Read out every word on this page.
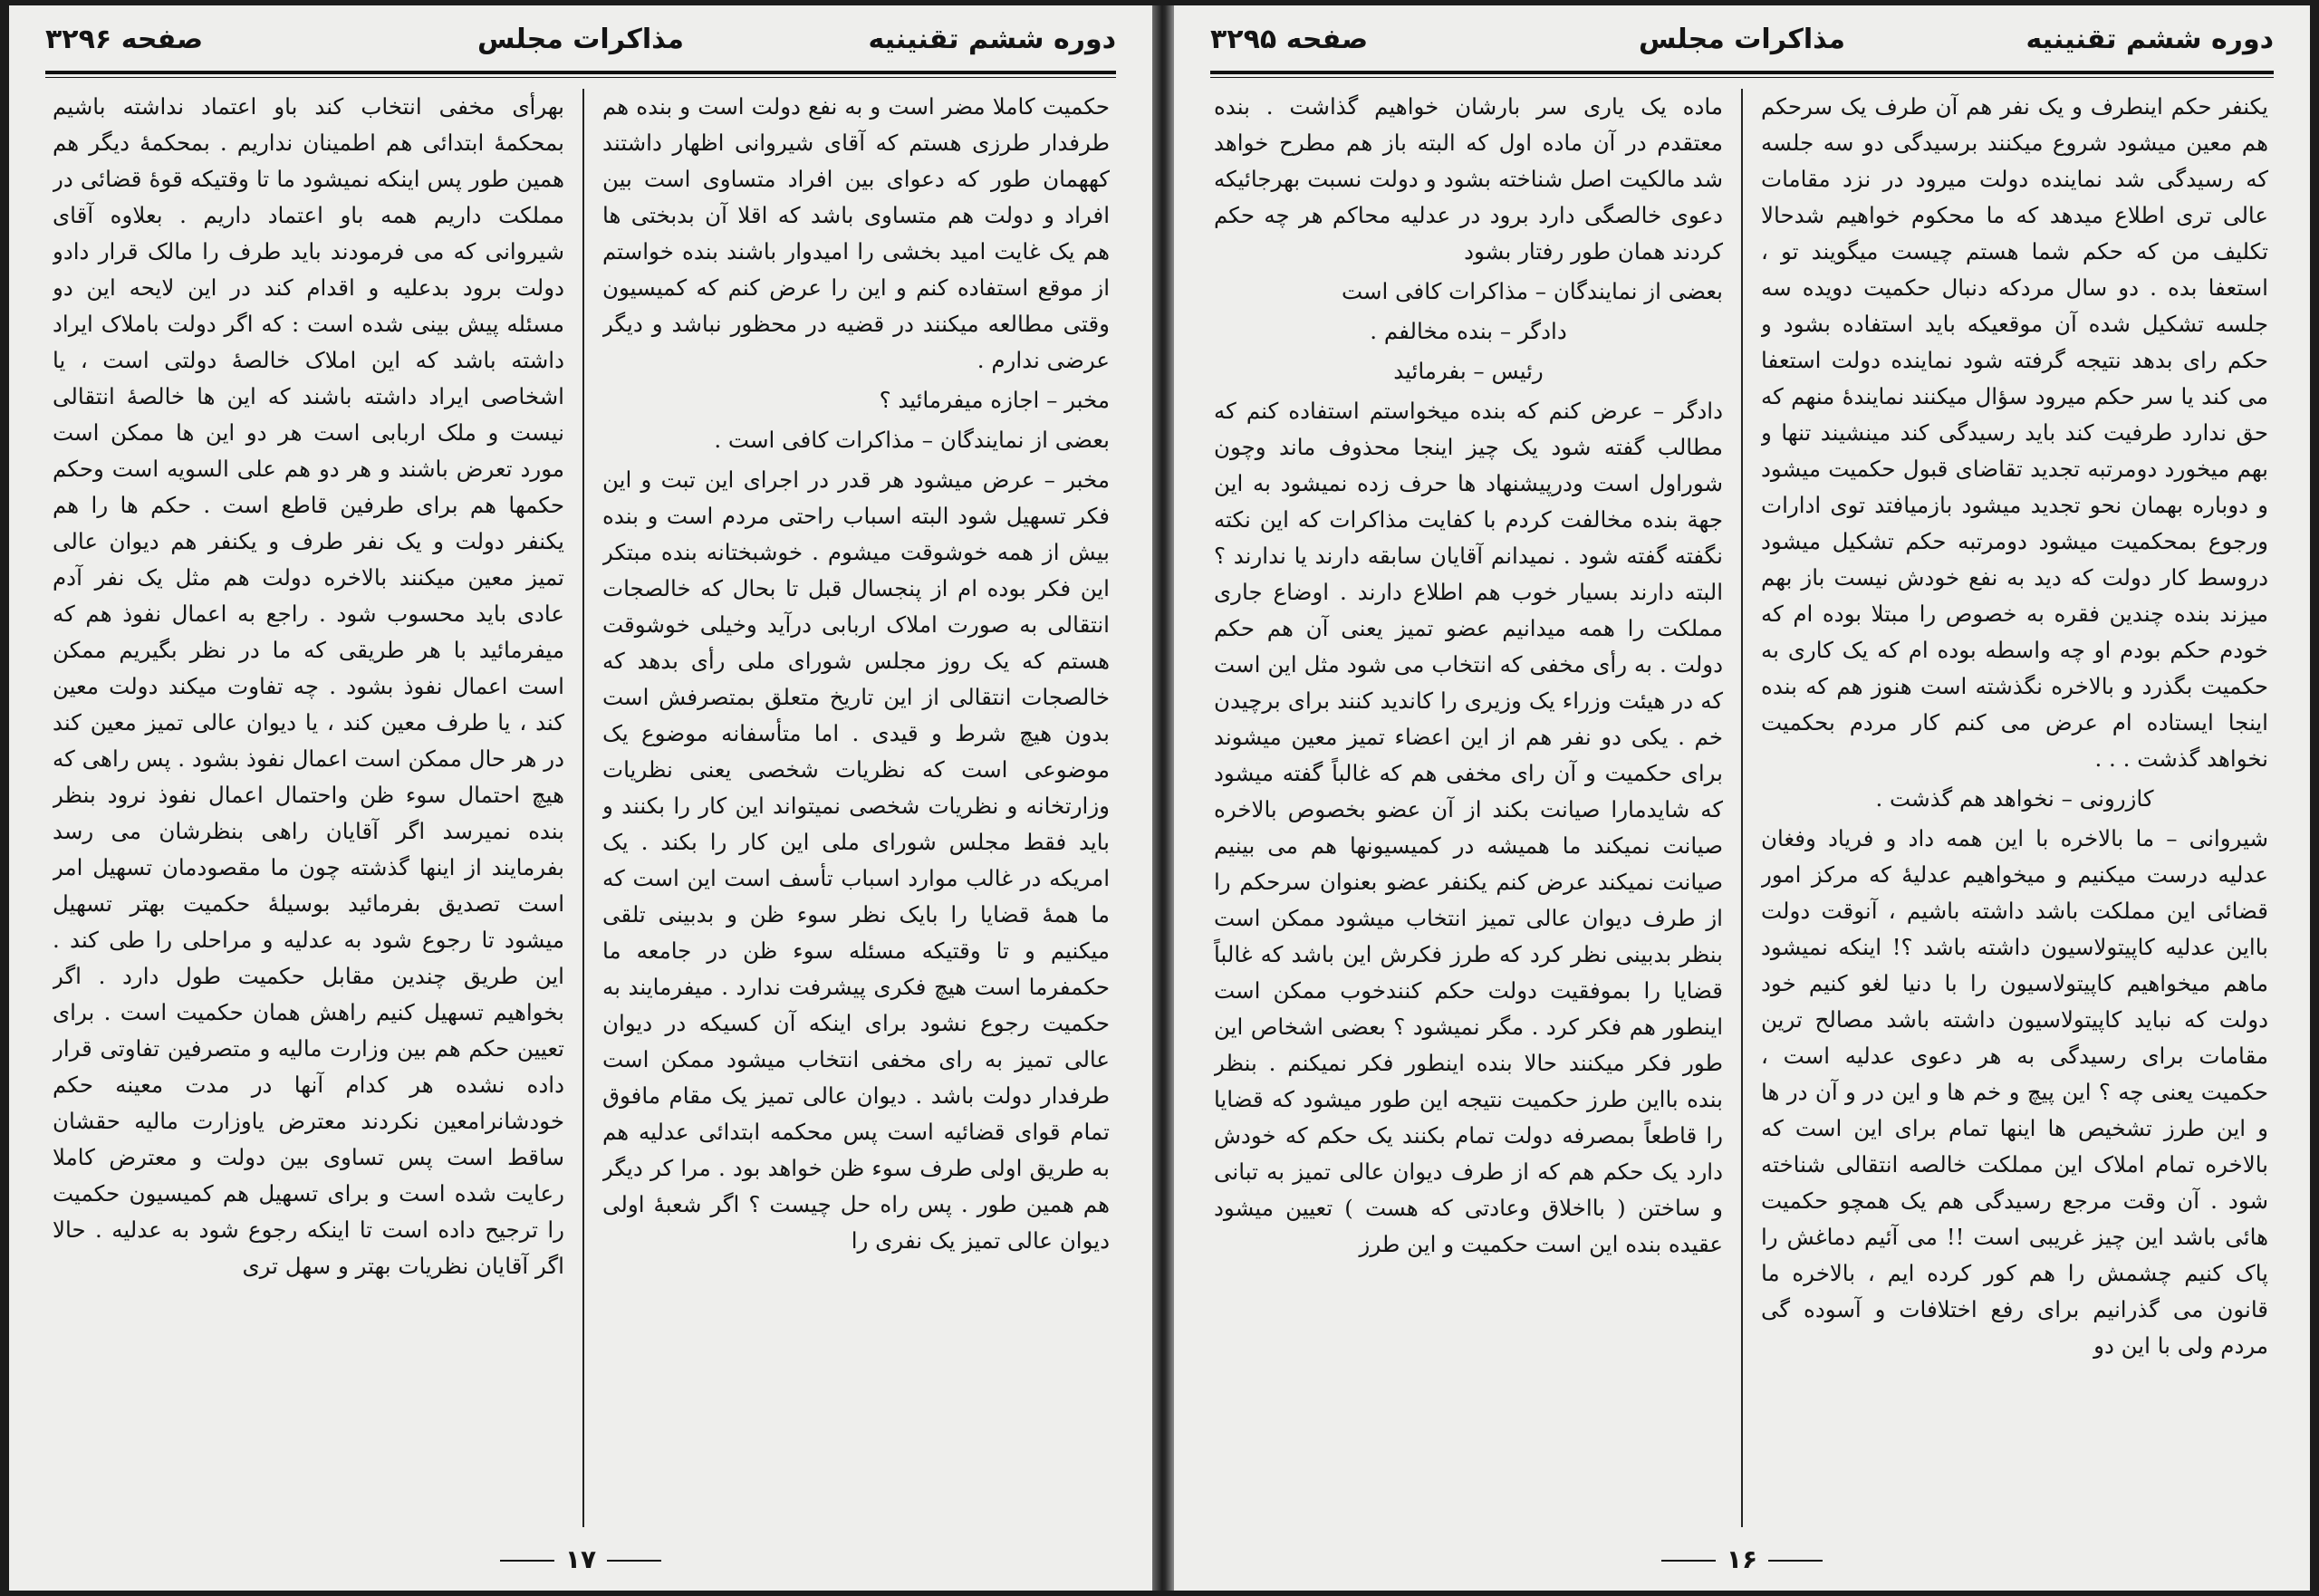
دوره ششم تقنینیه
مذاکرات مجلس
صفحه ۳۲۹۶

حکمیت کاملا مضر است و به نفع دولت است و بنده هم طرفدار طرزی هستم که آقای شیروانی اظهار داشتند کههمان طور که دعوای بین افراد متساوی است بین افراد و دولت هم متساوی باشد که اقلا آن بدبختی ها هم یک غایت امید بخشی را امیدوار باشند بنده خواستم از موقع استفاده کنم و این را عرض کنم که کمیسیون وقتی مطالعه میکنند در قضیه در محظور نباشد و دیگر عرضی ندارم .

مخبر – اجازه میفرمائید ؟

بعضی از نمایندگان – مذاکرات کافی است .

مخبر – عرض میشود هر قدر در اجرای این تبت و این فکر تسهیل شود البته اسباب راحتی مردم است و بنده بیش از همه خوشوقت میشوم . خوشبختانه بنده مبتکر این فکر بوده ام از پنجسال قبل تا بحال که خالصجات انتقالی به صورت املاک اربابی درآید وخیلی خوشوقت هستم که یک روز مجلس شورای ملی رأی بدهد که خالصجات انتقالی از این تاریخ متعلق بمتصرفش است بدون هیچ شرط و قیدی . اما متأسفانه موضوع یک موضوعی است که نظریات شخصی یعنی نظریات وزارتخانه و نظریات شخصی نمیتواند این کار را بکنند و باید فقط مجلس شورای ملی این کار را بکند . یک امریکه در غالب موارد اسباب تأسف است این است که ما همهٔ قضایا را بایک نظر سوء ظن و بدبینی تلقی میکنیم و تا وقتیکه مسئله سوء ظن در جامعه ما حکمفرما است هیچ فکری پیشرفت ندارد . میفرمایند به حکمیت رجوع نشود برای اینکه آن کسیکه در دیوان عالی تمیز به رای مخفی انتخاب میشود ممکن است طرفدار دولت باشد . دیوان عالی تمیز یک مقام مافوق تمام قوای قضائیه است پس محکمه ابتدائی عدلیه هم به طریق اولی طرف سوء ظن خواهد بود . مرا کر دیگر هم همین طور . پس راه حل چیست ؟ اگر شعبهٔ اولی دیوان عالی تمیز یک نفری را

بهرأی مخفی انتخاب کند باو اعتماد نداشته باشیم بمحکمهٔ ابتدائی هم اطمینان نداریم . بمحکمهٔ دیگر هم همین طور پس اینکه نمیشود ما تا وقتیکه قوهٔ قضائی در مملکت داریم همه باو اعتماد داریم . بعلاوه آقای شیروانی که می فرمودند باید طرف را مالک قرار دادو دولت برود بدعلیه و اقدام کند در این لایحه این دو مسئله پیش بینی شده است : که اگر دولت باملاک ایراد داشته باشد که این املاک خالصهٔ دولتی است ، یا اشخاصی ایراد داشته باشند که این ها خالصهٔ انتقالی نیست و ملک اربابی است هر دو این ها ممکن است مورد تعرض باشند و هر دو هم علی السویه است وحکم حکمها هم برای طرفین قاطع است . حکم ها را هم یکنفر دولت و یک نفر طرف و یکنفر هم دیوان عالی تمیز معین میکنند بالاخره دولت هم مثل یک نفر آدم عادی باید محسوب شود . راجع به اعمال نفوذ هم که میفرمائید با هر طریقی که ما در نظر بگیریم ممکن است اعمال نفوذ بشود . چه تفاوت میکند دولت معین کند ، یا طرف معین کند ، یا دیوان عالی تمیز معین کند در هر حال ممکن است اعمال نفوذ بشود . پس راهی که هیچ احتمال سوء ظن واحتمال اعمال نفوذ نرود بنظر بنده نمیرسد اگر آقایان راهی بنظرشان می رسد بفرمایند از اینها گذشته چون ما مقصودمان تسهیل امر است تصدیق بفرمائید بوسیلهٔ حکمیت بهتر تسهیل میشود تا رجوع شود به عدلیه و مراحلی را طی کند . این طریق چندین مقابل حکمیت طول دارد . اگر بخواهیم تسهیل کنیم راهش همان حکمیت است . برای تعیین حکم هم بین وزارت مالیه و متصرفین تفاوتی قرار داده نشده هر کدام آنها در مدت معینه حکم خودشانرامعین نکردند معترض یاوزارت مالیه حقشان ساقط است پس تساوی بین دولت و معترض کاملا رعایت شده است و برای تسهیل هم کمیسیون حکمیت را ترجیح داده است تا اینکه رجوع شود به عدلیه . حالا اگر آقایان نظریات بهتر و سهل تری

۱۷
دوره ششم تقنینیه
مذاکرات مجلس
صفحه ۳۲۹۵

یکنفر حکم اینطرف و یک نفر هم آن طرف یک سرحکم هم معین میشود شروع میکنند برسیدگی دو سه جلسه که رسیدگی شد نماینده دولت میرود در نزد مقامات عالی تری اطلاع میدهد که ما محکوم خواهیم شدحالا تکلیف من که حکم شما هستم چیست میگویند تو ، استعفا بده . دو سال مردکه دنبال حکمیت دویده سه جلسه تشکیل شده آن موقعیکه باید استفاده بشود و حکم رای بدهد نتیجه گرفته شود نماینده دولت استعفا می کند یا سر حکم میرود سؤال میکنند نمایندهٔ منهم که حق ندارد طرفیت کند باید رسیدگی کند مینشیند تنها و بهم میخورد دومرتبه تجدید تقاضای قبول حکمیت میشود و دوباره بهمان نحو تجدید میشود بازمیافتد توی ادارات ورجوع بمحکمیت میشود دومرتبه حکم تشکیل میشود دروسط کار دولت که دید به نفع خودش نیست باز بهم میزند بنده چندین فقره به خصوص را مبتلا بوده ام که خودم حکم بودم او چه واسطه بوده ام که یک کاری به حکمیت بگذرد و بالاخره نگذشته است هنوز هم که بنده اینجا ایستاده ام عرض می کنم کار مردم بحکمیت نخواهد گذشت . . .

کازرونی – نخواهد هم گذشت .

شیروانی – ما بالاخره با این همه داد و فریاد وفغان عدلیه درست میکنیم و میخواهیم عدلیهٔ که مرکز امور قضائی این مملکت باشد داشته باشیم ، آنوقت دولت بااین عدلیه کاپیتولاسیون داشته باشد ؟! اینکه نمیشود ماهم میخواهیم کاپیتولاسیون را با دنیا لغو کنیم خود دولت که نباید کاپیتولاسیون داشته باشد مصالح ترین مقامات برای رسیدگی به هر دعوی عدلیه است ، حکمیت یعنی چه ؟ این پیچ و خم ها و این در و آن در ها و این طرز تشخیص ها اینها تمام برای این است که بالاخره تمام املاک این مملکت خالصه انتقالی شناخته شود . آن وقت مرجع رسیدگی هم یک همچو حکمیت هائی باشد این چیز غریبی است !! می آئیم دماغش را پاک کنیم چشمش را هم کور کرده ایم ، بالاخره ما قانون می گذرانیم برای رفع اختلافات و آسوده گی مردم ولی با این دو

ماده یک یاری سر بارشان خواهیم گذاشت . بنده معتقدم در آن ماده اول که البته باز هم مطرح خواهد شد مالکیت اصل شناخته بشود و دولت نسبت بهرجائیکه دعوی خالصگی دارد برود در عدلیه محاکم هر چه حکم کردند همان طور رفتار بشود

بعضی از نمایندگان – مذاکرات کافی است

دادگر – بنده مخالفم .

رئیس – بفرمائید

دادگر – عرض کنم که بنده میخواستم استفاده کنم که مطالب گفته شود یک چیز اینجا محذوف ماند وچون شوراول است ودرپیشنهاد ها حرف زده نمیشود به این جهة بنده مخالفت کردم با کفایت مذاکرات که این نکته نگفته گفته شود . نمیدانم آقایان سابقه دارند یا ندارند ؟ البته دارند بسیار خوب هم اطلاع دارند . اوضاع جاری مملکت را همه میدانیم عضو تمیز یعنی آن هم حکم دولت . به رأی مخفی که انتخاب می شود مثل این است که در هیئت وزراء یک وزیری را کاندید کنند برای برچیدن خم . یکی دو نفر هم از این اعضاء تمیز معین میشوند برای حکمیت و آن رای مخفی هم که غالباً گفته میشود که شایدمارا صیانت بکند از آن عضو بخصوص بالاخره صیانت نمیکند ما همیشه در کمیسیونها هم می بینیم صیانت نمیکند عرض کنم یکنفر عضو بعنوان سرحکم را از طرف دیوان عالی تمیز انتخاب میشود ممکن است بنظر بدبینی نظر کرد که طرز فکرش این باشد که غالباً قضایا را بموفقیت دولت حکم کنندخوب ممکن است اینطور هم فکر کرد . مگر نمیشود ؟ بعضی اشخاص این طور فکر میکنند حالا بنده اینطور فکر نمیکنم . بنظر بنده بااین طرز حکمیت نتیجه این طور میشود که قضایا را قاطعاً بمصرفه دولت تمام بکنند یک حکم که خودش دارد یک حکم هم که از طرف دیوان عالی تمیز به تبانی و ساختن ( بااخلاق وعادتی که هست ) تعیین میشود عقیده بنده این است حکمیت و این طرز

۱۶
